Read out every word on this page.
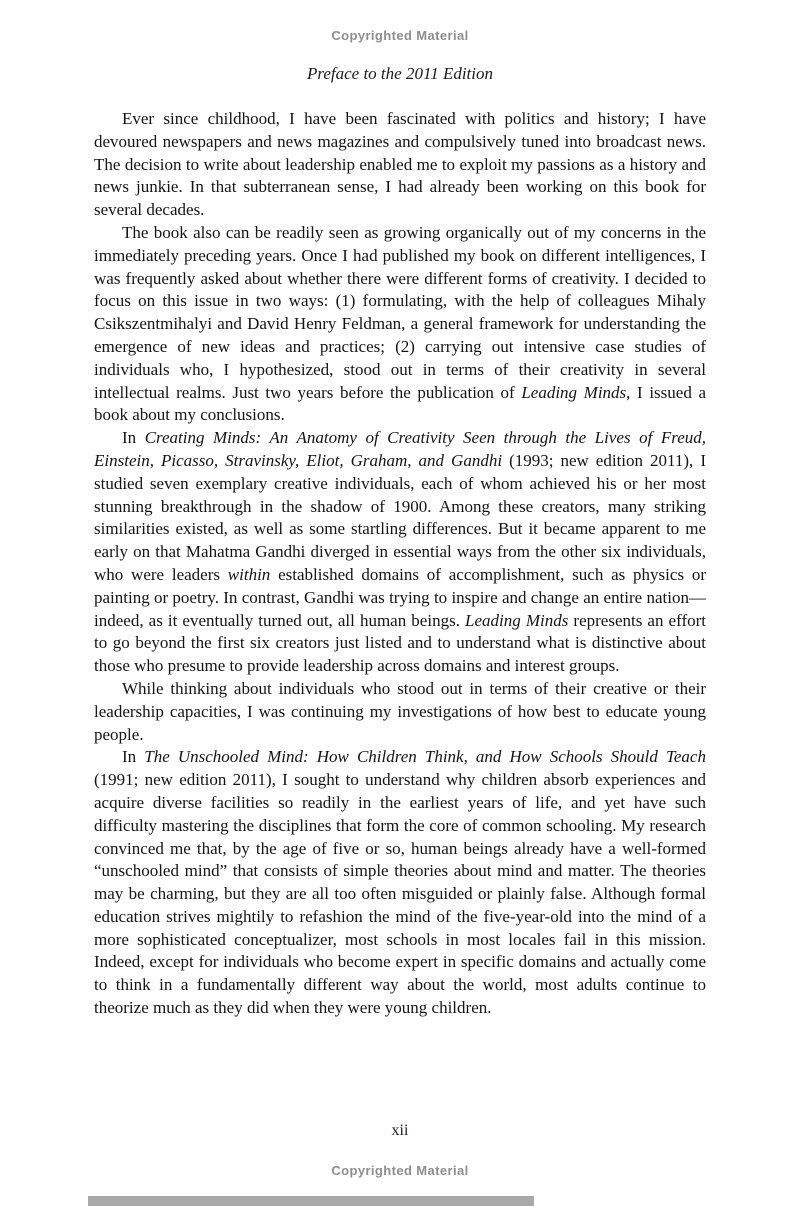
Copyrighted Material
Preface to the 2011 Edition

Ever since childhood, I have been fascinated with politics and history; I have devoured newspapers and news magazines and compulsively tuned into broadcast news. The decision to write about leadership enabled me to exploit my passions as a history and news junkie. In that subterranean sense, I had already been working on this book for several decades.

The book also can be readily seen as growing organically out of my concerns in the immediately preceding years. Once I had published my book on different intelligences, I was frequently asked about whether there were different forms of creativity. I decided to focus on this issue in two ways: (1) formulating, with the help of colleagues Mihaly Csikszentmihalyi and David Henry Feldman, a general framework for understanding the emergence of new ideas and practices; (2) carrying out intensive case studies of individuals who, I hypothesized, stood out in terms of their creativity in several intellectual realms. Just two years before the publication of Leading Minds, I issued a book about my conclusions.

In Creating Minds: An Anatomy of Creativity Seen through the Lives of Freud, Einstein, Picasso, Stravinsky, Eliot, Graham, and Gandhi (1993; new edition 2011), I studied seven exemplary creative individuals, each of whom achieved his or her most stunning breakthrough in the shadow of 1900. Among these creators, many striking similarities existed, as well as some startling differences. But it became apparent to me early on that Mahatma Gandhi diverged in essential ways from the other six individuals, who were leaders within established domains of accomplishment, such as physics or painting or poetry. In contrast, Gandhi was trying to inspire and change an entire nation—indeed, as it eventually turned out, all human beings. Leading Minds represents an effort to go beyond the first six creators just listed and to understand what is distinctive about those who presume to provide leadership across domains and interest groups.

While thinking about individuals who stood out in terms of their creative or their leadership capacities, I was continuing my investigations of how best to educate young people.

In The Unschooled Mind: How Children Think, and How Schools Should Teach (1991; new edition 2011), I sought to understand why children absorb experiences and acquire diverse facilities so readily in the earliest years of life, and yet have such difficulty mastering the disciplines that form the core of common schooling. My research convinced me that, by the age of five or so, human beings already have a well-formed “unschooled mind” that consists of simple theories about mind and matter. The theories may be charming, but they are all too often misguided or plainly false. Although formal education strives mightily to refashion the mind of the five-year-old into the mind of a more sophisticated conceptualizer, most schools in most locales fail in this mission. Indeed, except for individuals who become expert in specific domains and actually come to think in a fundamentally different way about the world, most adults continue to theorize much as they did when they were young children.

xii
Copyrighted Material
